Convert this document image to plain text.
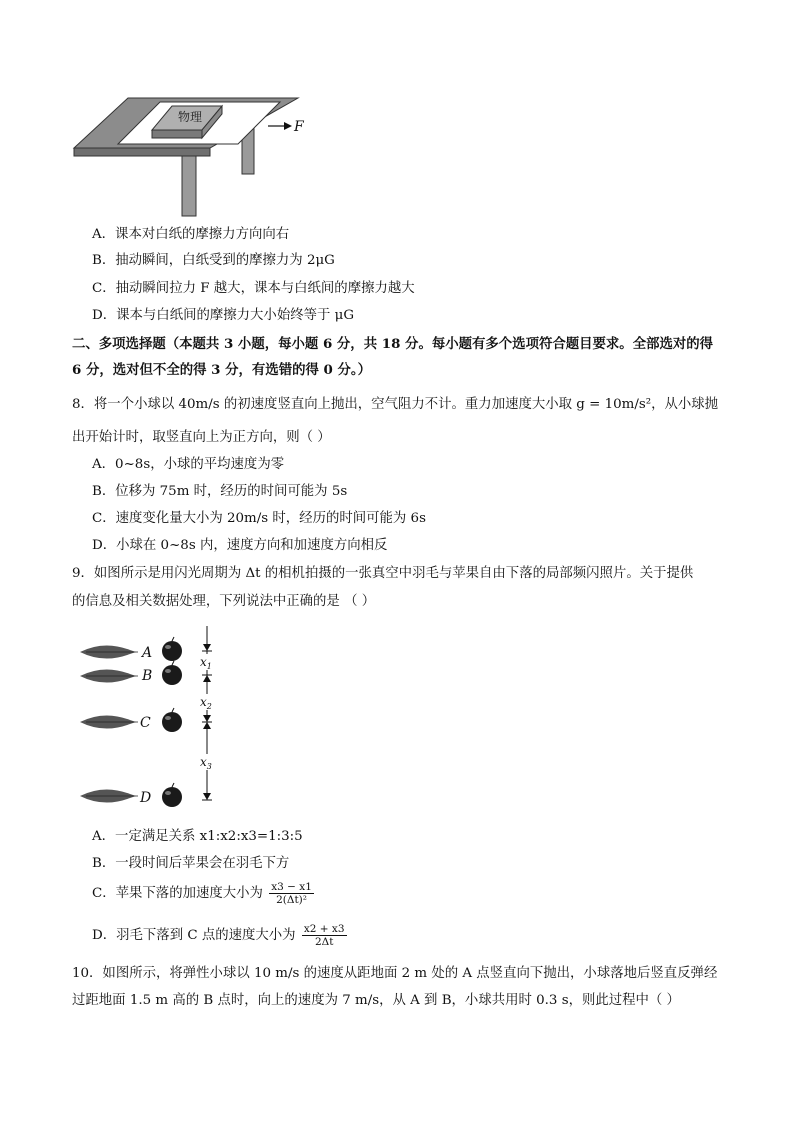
物理
F
A．课本对白纸的摩擦力方向向右
B．抽动瞬间，白纸受到的摩擦力为 2μG
C．抽动瞬间拉力 F 越大，课本与白纸间的摩擦力越大
D．课本与白纸间的摩擦力大小始终等于 μG
二、多项选择题（本题共 3 小题，每小题 6 分，共 18 分。每小题有多个选项符合题目要求。全部选对的得
6 分，选对但不全的得 3 分，有选错的得 0 分。）
8．将一个小球以 40m/s 的初速度竖直向上抛出，空气阻力不计。重力加速度大小取 g = 10m/s²，从小球抛
出开始计时，取竖直向上为正方向，则（ ）
A．0~8s，小球的平均速度为零
B．位移为 75m 时，经历的时间可能为 5s
C．速度变化量大小为 20m/s 时，经历的时间可能为 6s
D．小球在 0~8s 内，速度方向和加速度方向相反
9．如图所示是用闪光周期为 Δt 的相机拍摄的一张真空中羽毛与苹果自由下落的局部频闪照片。关于提供
的信息及相关数据处理，下列说法中正确的是 （ ）
A
B
C
D
$x_1$
$x_2$
$x_3$
A．一定满足关系 x1:x2:x3=1:3:5
B．一段时间后苹果会在羽毛下方
C．苹果下落的加速度大小为 $\frac{x3 - x1}{\text{2(Δt)²}}$
D．羽毛下落到 C 点的速度大小为 $\frac{x2 + x3}{2\Delta t}$
10．如图所示，将弹性小球以 10 m/s 的速度从距地面 2 m 处的 A 点竖直向下抛出，小球落地后竖直反弹经
过距地面 1.5 m 高的 B 点时，向上的速度为 7 m/s，从 A 到 B，小球共用时 0.3 s，则此过程中（ ）
